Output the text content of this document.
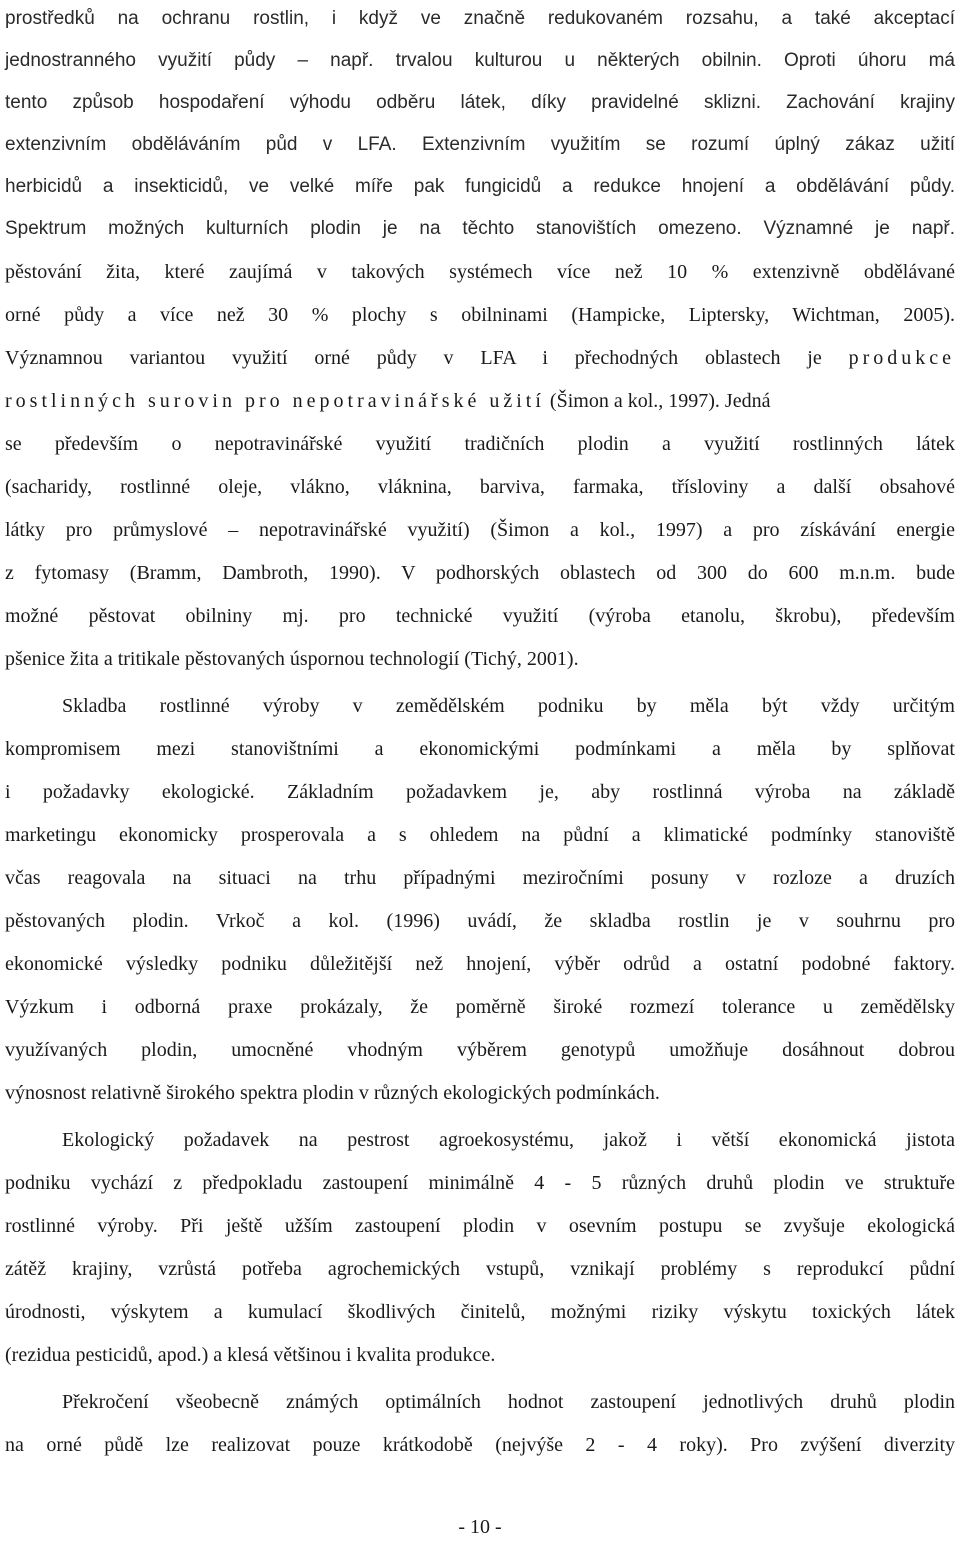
prostředků na ochranu rostlin, i když ve značně redukovaném rozsahu, a také akceptací
jednostranného využití půdy – např. trvalou kulturou u některých obilnin. Oproti úhoru má
tento způsob hospodaření výhodu odběru látek, díky pravidelné sklizni. Zachování krajiny
extenzivním obděláváním půd v LFA. Extenzivním využitím se rozumí úplný zákaz užití
herbicidů a insekticidů, ve velké míře pak fungicidů a redukce hnojení a obdělávání půdy.
Spektrum možných kulturních plodin je na těchto stanovištích omezeno. Významné je např.
pěstování žita, které zaujímá v takových systémech více než 10 % extenzivně obdělávané
orné půdy a více než 30 % plochy s obilninami (Hampicke, Liptersky, Wichtman, 2005).
Významnou variantou využití orné půdy v LFA i přechodných oblastech je produkce
rostlinných surovin pro nepotravinářské užití (Šimon a kol., 1997). Jedná
se především o nepotravinářské využití tradičních plodin a využití rostlinných látek
(sacharidy, rostlinné oleje, vlákno, vláknina, barviva, farmaka, třísloviny a další obsahové
látky pro průmyslové – nepotravinářské využití) (Šimon a kol., 1997) a pro získávání energie
z fytomasy (Bramm, Dambroth, 1990). V podhorských oblastech od 300 do 600 m.n.m. bude
možné pěstovat obilniny mj. pro technické využití (výroba etanolu, škrobu), především
pšenice žita a tritikale pěstovaných úspornou technologií (Tichý, 2001).
Skladba rostlinné výroby v zemědělském podniku by měla být vždy určitým
kompromisem mezi stanovištními a ekonomickými podmínkami a měla by splňovat
i požadavky ekologické. Základním požadavkem je, aby rostlinná výroba na základě
marketingu ekonomicky prosperovala a s ohledem na půdní a klimatické podmínky stanoviště
včas reagovala na situaci na trhu případnými meziročními posuny v rozloze a druzích
pěstovaných plodin. Vrkoč a kol. (1996) uvádí, že skladba rostlin je v souhrnu pro
ekonomické výsledky podniku důležitější než hnojení, výběr odrůd a ostatní podobné faktory.
Výzkum i odborná praxe prokázaly, že poměrně široké rozmezí tolerance u zemědělsky
využívaných plodin, umocněné vhodným výběrem genotypů umožňuje dosáhnout dobrou
výnosnost relativně širokého spektra plodin v různých ekologických podmínkách.
Ekologický požadavek na pestrost agroekosystému, jakož i větší ekonomická jistota
podniku vychází z předpokladu zastoupení minimálně 4 - 5 různých druhů plodin ve struktuře
rostlinné výroby. Při ještě užším zastoupení plodin v osevním postupu se zvyšuje ekologická
zátěž krajiny, vzrůstá potřeba agrochemických vstupů, vznikají problémy s reprodukcí půdní
úrodnosti, výskytem a kumulací škodlivých činitelů, možnými riziky výskytu toxických látek
(rezidua pesticidů, apod.) a klesá většinou i kvalita produkce.
Překročení všeobecně známých optimálních hodnot zastoupení jednotlivých druhů plodin
na orné půdě lze realizovat pouze krátkodobě (nejvýše 2 - 4 roky). Pro zvýšení diverzity
- 10 -
